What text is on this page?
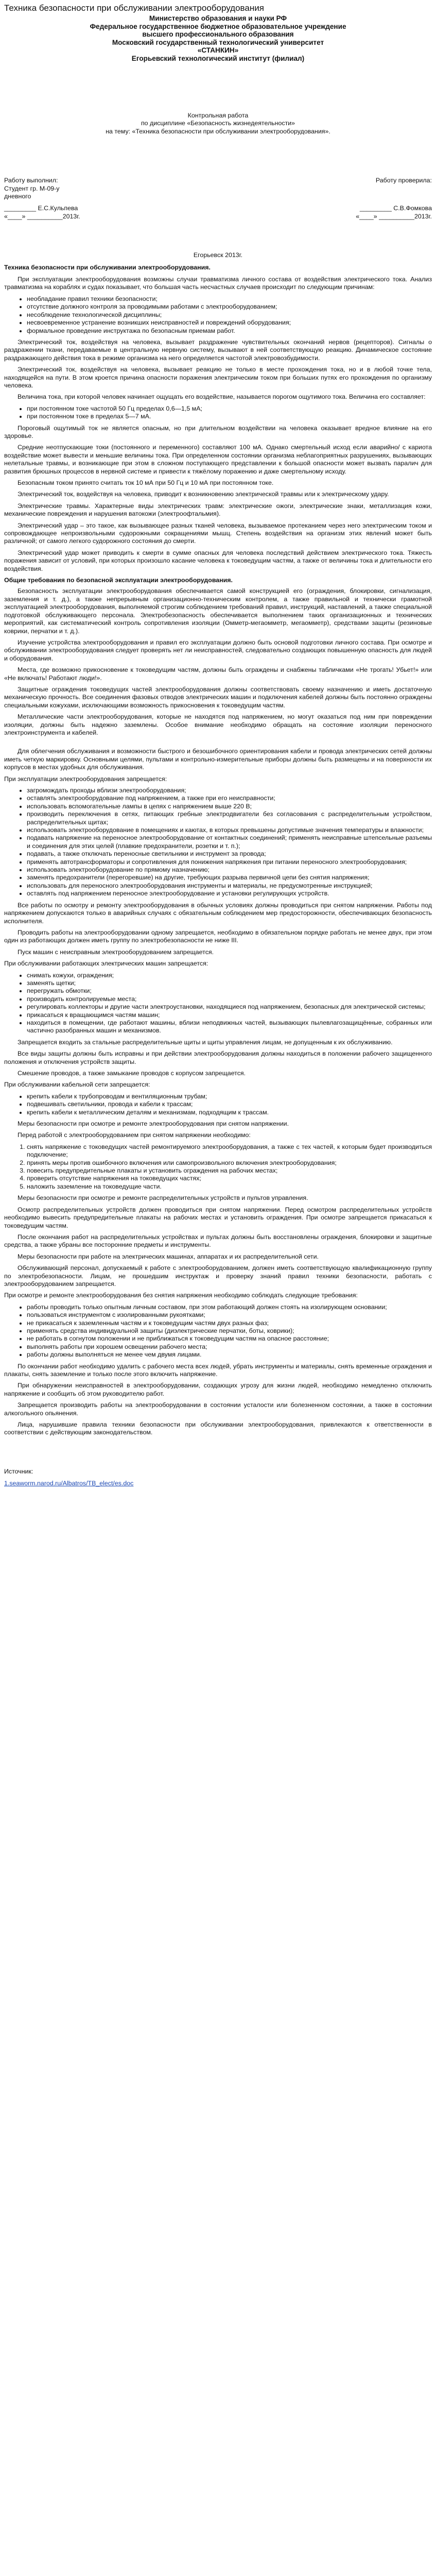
Техника безопасности при обслуживании электрооборудования
Министерство образования и науки РФ
Федеральное государственное бюджетное образовательное учреждение
высшего профессионального образования
Московский государственный технологический университет
«СТАНКИН»
Егорьевский технологический институт (филиал)
Контрольная работа
по дисциплине «Безопасность жизнедеятельности»
на тему: «Техника безопасности при обслуживании электрооборудования».
Работу выполнил:	Работу проверила:
Студент гр. М-09-у
дневного
_________ Е.С.Кульпева	_________ С.В.Фомкова
«____» __________2013г.	«____» __________2013г.
Егорьевск 2013г.
Техника безопасности при обслуживании электрооборудования.

При эксплуатации электрооборудования возможны случаи травматизма личного состава от воздействия электрического тока. Анализ травматизма на кораблях и судах показывает, что большая часть несчастных случаев происходит по следующим причинам:

• необладание правил техники безопасности;
• отсутствие должного контроля за проводимыми работами с электрооборудованием;
• несоблюдение технологической дисциплины;
• несвоевременное устранение возникших неисправностей и повреждений оборудования;
• формальное проведение инструктажа по безопасным приемам работ.

Электрический ток, воздействуя на человека, вызывает раздражение чувствительных окончаний нервов (рецепторов). Сигналы о раздражении ткани, передаваемые в центральную нервную систему, вызывают в ней соответствующую реакцию. Динамическое состояние раздражающего действия тока в режиме организма на него определяется частотой электровозбудимости.

Электрический ток, воздействуя на человека, вызывает реакцию не только в месте прохождения тока, но и в любой точке тела, находящейся на пути. В этом кроется причина опасности поражения электрическим током при больших путях его прохождения по организму человека.

Величина тока, при которой человек начинает ощущать его воздействие, называется порогом ощутимого тока. Величина его составляет:

• при постоянном токе частотой 50 Гц пределах 0,6—1,5 мА;
• при постоянном токе в пределах 5—7 мА.

Пороговый ощутимый ток не является опасным, но при длительном воздействии на человека оказывает вредное влияние на его здоровье.

Средние неотпускающие токи (постоянного и переменного) составляют 100 мА. Однако смертельный исход если аварийно/ с кариота воздействие может вывести и меньшие величины тока. При определенном состоянии организма неблагоприятных разрушениях, вызывающих нелетальные травмы, и возникающие при этом в сложном поступающего представлении к большой опасности может вызвать паралич для развития брюшных процессов в нервной системе и привести к тяжёлому поражению и даже смертельному исходу.

Безопасным током принято считать ток 10 мА при 50 Гц и 10 мА при постоянном токе.

Электрический ток, воздействуя на человека, приводит к возникновению электрической травмы или к электрическому удару.

Электрические травмы. Характерные виды электрических травм: электрические ожоги, электрические знаки, металлизация кожи, механические повреждения и нарушения ватокожи (электроофтальмия).

Электрический удар – это такое, как вызывающее разных тканей человека, вызываемое протеканием через него электрическим током и сопровождающее непроизвольными судорожными сокращениями мышц. Степень воздействия на организм этих явлений может быть различной; от самого легкого судорожного состояния до смерти.

Электрический удар может приводить к смерти в сумме опасных для человека последствий действием электрического тока. Тяжесть поражения зависит от условий, при которых произошло касание человека к токоведущим частям, а также от величины тока и длительности его воздействия.

Общие требования по безопасной эксплуатации электрооборудования.

Безопасность эксплуатации электрооборудования обеспечивается самой конструкцией его (ограждения, блокировки, сигнализация, заземления и т. д.), а также непрерывным организационно-техническим контролем, а также правильной и технически грамотной эксплуатацией электрооборудования, выполняемой строгим соблюдением требований правил, инструкций, наставлений, а также специальной подготовкой обслуживающего персонала. Электробезопасность обеспечивается выполнением таких организационных и технических мероприятий, как систематический контроль сопротивления изоляции (Омметр-мегаомметр, мегаомметр), средствами защиты (резиновые коврики, перчатки и т. д.).

Изучение устройства электрооборудования и правил его эксплуатации должно быть основой подготовки личного состава. При осмотре и обслуживании электрооборудования следует проверять нет ли неисправностей, следовательно создающих повышенную опасность для людей и оборудования.

Места, где возможно прикосновение к токоведущим частям, должны быть ограждены и снабжены табличками «Не трогать! Убьет!» или «Не включать! Работают люди!».

Защитные ограждения токоведущих частей электрооборудования должны соответствовать своему назначению и иметь достаточную механическую прочность. Все соединения фазовых отводов электрических машин и подключения кабелей должны быть постоянно ограждены специальными кожухами, исключающими возможность прикосновения к токоведущим частям.

Металлические части электрооборудования, которые не находятся под напряжением, но могут оказаться под ним при повреждении изоляции, должны быть надежно заземлены. Особое внимание необходимо обращать на состояние изоляции переносного электроинструмента и кабелей.

Для облегчения обслуживания и возможности быстрого и безошибочного ориентирования кабели и провода электрических сетей должны иметь четкую маркировку. Основными целями, пультами и контрольно-измерительные приборы должны быть размещены и на поверхности их корпусов в местах удобных для обслуживания.

При эксплуатации электрооборудования запрещается:

• загромождать проходы вблизи электрооборудования;
• оставлять электрооборудование под напряжением, а также при его неисправности;
• использовать вспомогательные лампы в цепях с напряжением выше 220 В;
• производить переключения в сетях, питающих гребные электродвигатели без согласования с распределительным устройством, распределительных щитах;
• использовать электрооборудование в помещениях и каютах, в которых превышены допустимые значения температуры и влажности;
• подавать напряжение на переносное электрооборудование от контактных соединений; применять неисправные штепсельные разъемы и соединения для этих целей (плавкие предохранители, розетки и т. п.);
• подавать, а также отключать переносные светильники и инструмент за провода;
• применять автотрансформаторы и сопротивления для понижения напряжения при питании переносного электрооборудования;
• использовать электрооборудование по прямому назначению;
• заменять предохранители (перегоревшие) на другие, требующих разрыва первичной цепи без снятия напряжения;
• использовать для переносного электрооборудования инструменты и материалы, не предусмотренные инструкцией;
• оставлять под напряжением переносное электрооборудование и установки регулирующих устройств.

Все работы по осмотру и ремонту электрооборудования в обычных условиях должны проводиться при снятом напряжении. Работы под напряжением допускаются только в аварийных случаях с обязательным соблюдением мер предосторожности, обеспечивающих безопасность исполнителя.

Проводить работы на электрооборудовании одному запрещается, необходимо в обязательном порядке работать не менее двух, при этом один из работающих должен иметь группу по электробезопасности не ниже III.

Пуск машин с неисправным электрооборудованием запрещается.

При обслуживании работающих электрических машин запрещается:

• снимать кожухи, ограждения;
• заменять щетки;
• перегружать обмотки;
• производить контролируемые места;
• регулировать коллекторы и другие части электроустановки, находящиеся под напряжением, безопасных для электрической системы;
• прикасаться к вращающимся частям машин;
• находиться в помещении, где работают машины, вблизи неподвижных частей, вызывающих пылевлагозащищённые, собранных или частично разобранных машин и механизмов.

Запрещается входить за стальные распределительные щиты и щиты управления лицам, не допущенным к их обслуживанию.

Все виды защиты должны быть исправны и при действии электрооборудования должны находиться в положении рабочего защищенного положения и отключения устройств защиты.

Смешение проводов, а также замыкание проводов с корпусом запрещается.

При обслуживании кабельной сети запрещается:

• крепить кабели к трубопроводам и вентиляционным трубам;
• подвешивать светильники, провода и кабели к трассам;
• крепить кабели к металлическим деталям и механизмам, подходящим к трассам.

Меры безопасности при осмотре и ремонте электрооборудования при снятом напряжении.

Перед работой с электрооборудованием при снятом напряжении необходимо:

1. снять напряжение с токоведущих частей ремонтируемого электрооборудования, а также с тех частей, к которым будет производиться подключение;
2. принять меры против ошибочного включения или самопроизвольного включения электрооборудования;
3. повесить предупредительные плакаты и установить ограждения на рабочих местах;
4. проверить отсутствие напряжения на токоведущих частях;
5. наложить заземление на токоведущие части.

Меры безопасности при осмотре и ремонте распределительных устройств и пультов управления.

Осмотр распределительных устройств должен проводиться при снятом напряжении. Перед осмотром распределительных устройств необходимо вывесить предупредительные плакаты на рабочих местах и установить ограждения. При осмотре запрещается прикасаться к токоведущим частям.

После окончания работ на распределительных устройствах и пультах должны быть восстановлены ограждения, блокировки и защитные средства, а также убраны все посторонние предметы и инструменты.

Меры безопасности при работе на электрических машинах, аппаратах и их распределительной сети.

Обслуживающий персонал, допускаемый к работе с электрооборудованием, должен иметь соответствующую квалификационную группу по электробезопасности. Лицам, не прошедшим инструктаж и проверку знаний правил техники безопасности, работать с электрооборудованием запрещается.

При осмотре и ремонте электрооборудования без снятия напряжения необходимо соблюдать следующие требования:

• работы проводить только опытным личным составом, при этом работающий должен стоять на изолирующем основании;
• пользоваться инструментом с изолированными рукоятками;
• не прикасаться к заземленным частям и к токоведущим частям двух разных фаз;
• применять средства индивидуальной защиты (диэлектрические перчатки, боты, коврики);
• не работать в согнутом положении и не приближаться к токоведущим частям на опасное расстояние;
• выполнять работы при хорошем освещении рабочего места;
• работы должны выполняться не менее чем двумя лицами.

По окончании работ необходимо удалить с рабочего места всех людей, убрать инструменты и материалы, снять временные ограждения и плакаты, снять заземление и только после этого включить напряжение.

При обнаружении неисправностей в электрооборудовании, создающих угрозу для жизни людей, необходимо немедленно отключить напряжение и сообщить об этом руководителю работ.

Запрещается производить работы на электрооборудовании в состоянии усталости или болезненном состоянии, а также в состоянии алкогольного опьянения.

Лица, нарушившие правила техники безопасности при обслуживании электрооборудования, привлекаются к ответственности в соответствии с действующим законодательством.

Источник:
1.seaworm.narod.ru/Albatros/TB_elect/es.doc
